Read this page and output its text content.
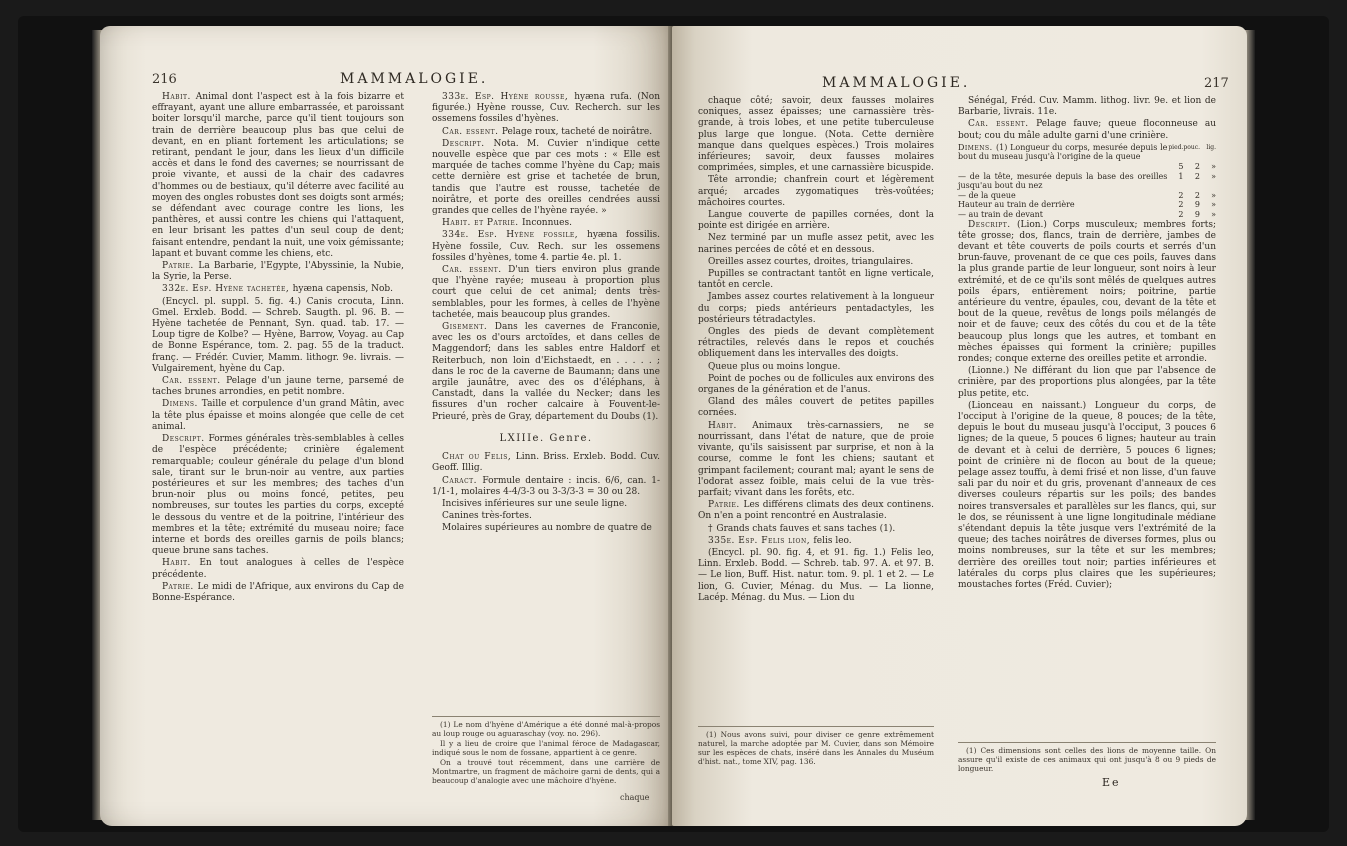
216	MAMMALOGIE.

Habit. Animal dont l'aspect est à la fois bizarre et effrayant, ayant une allure embarrassée, et paroissant boiter lorsqu'il marche, parce qu'il tient toujours son train de derrière beaucoup plus bas que celui de devant, en en pliant fortement les articulations; se retirant, pendant le jour, dans les lieux d'un difficile accès et dans le fond des cavernes; se nourrissant de proie vivante, et aussi de la chair des cadavres d'hommes ou de bestiaux, qu'il déterre avec facilité au moyen des ongles robustes dont ses doigts sont armés; se défendant avec courage contre les lions, les panthères, et aussi contre les chiens qui l'attaquent, en leur brisant les pattes d'un seul coup de dent; faisant entendre, pendant la nuit, une voix gémissante; lapant et buvant comme les chiens, etc.

Patrie. La Barbarie, l'Egypte, l'Abyssinie, la Nubie, la Syrie, la Perse.

332e. Esp. Hyène tachetée, hyæna capensis, Nob.

(Encycl. pl. suppl. 5. fig. 4.) Canis crocuta, Linn. Gmel. Erxleb. Bodd. — Schreb. Saugth. pl. 96. B. — Hyène tachetée de Pennant, Syn. quad. tab. 17. — Loup tigre de Kolbe? — Hyène, Barrow, Voyag. au Cap de Bonne Espérance, tom. 2. pag. 55 de la traduct. franç. — Frédér. Cuvier, Mamm. lithogr. 9e. livrais. — Vulgairement, hyène du Cap.

Car. essent. Pelage d'un jaune terne, parsemé de taches brunes arrondies, en petit nombre.

Dimens. Taille et corpulence d'un grand Mâtin, avec la tête plus épaisse et moins alongée que celle de cet animal.

Descript. Formes générales très-semblables à celles de l'espèce précédente; crinière également remarquable; couleur générale du pelage d'un blond sale, tirant sur le brun-noir au ventre, aux parties postérieures et sur les membres; des taches d'un brun-noir plus ou moins foncé, petites, peu nombreuses, sur toutes les parties du corps, excepté le dessous du ventre et de la poitrine, l'intérieur des membres et la tête; extrémité du museau noire; face interne et bords des oreilles garnis de poils blancs; queue brune sans taches.

Habit. En tout analogues à celles de l'espèce précédente.

Patrie. Le midi de l'Afrique, aux environs du Cap de Bonne-Espérance.

333e. Esp. Hyène rousse, hyæna rufa. (Non figurée.) Hyène rousse, Cuv. Recherch. sur les ossemens fossiles d'hyènes.

Car. essent. Pelage roux, tacheté de noirâtre.

Descript. Nota. M. Cuvier n'indique cette nouvelle espèce que par ces mots : « Elle est marquée de taches comme l'hyène du Cap; mais cette dernière est grise et tachetée de brun, tandis que l'autre est rousse, tachetée de noirâtre, et porte des oreilles cendrées aussi grandes que celles de l'hyène rayée. »

Habit. et Patrie. Inconnues.

334e. Esp. Hyène fossile, hyæna fossilis. Hyène fossile, Cuv. Rech. sur les ossemens fossiles d'hyènes, tome 4. partie 4e. pl. 1.

Car. essent. D'un tiers environ plus grande que l'hyène rayée; museau à proportion plus court que celui de cet animal; dents très-semblables, pour les formes, à celles de l'hyène tachetée, mais beaucoup plus grandes.

Gisement. Dans les cavernes de Franconie, avec les os d'ours arctoïdes, et dans celles de Maggendorf; dans les sables entre Haldorf et Reiterbuch, non loin d'Eichstaedt, en . . . . . ; dans le roc de la caverne de Baumann; dans une argile jaunâtre, avec des os d'éléphans, à Canstadt, dans la vallée du Necker; dans les fissures d'un rocher calcaire à Fouvent-le-Prieuré, près de Gray, département du Doubs (1).

LXIIIe. Genre.

Chat ou Felis, Linn. Briss. Erxleb. Bodd. Cuv. Geoff. Illig.

Caract. Formule dentaire : incis. 6/6, can. 1-1/1-1, molaires 4-4/3-3 ou 3-3/3-3 = 30 ou 28.

Incisives inférieures sur une seule ligne.

Canines très-fortes.

Molaires supérieures au nombre de quatre de

(1) Le nom d'hyène d'Amérique a été donné mal-à-propos au loup rouge ou aguaraschay (voy. no. 296).

Il y a lieu de croire que l'animal féroce de Madagascar, indiqué sous le nom de fossane, appartient à ce genre.

On a trouvé tout récemment, dans une carrière de Montmartre, un fragment de mâchoire garni de dents, qui a beaucoup d'analogie avec une mâchoire d'hyène.

chaque
MAMMALOGIE.	217

chaque côté; savoir, deux fausses molaires coniques, assez épaisses; une carnassière très-grande, à trois lobes, et une petite tuberculeuse plus large que longue. (Nota. Cette dernière manque dans quelques espèces.) Trois molaires inférieures; savoir, deux fausses molaires comprimées, simples, et une carnassière bicuspide.

Tête arrondie; chanfrein court et légèrement arqué; arcades zygomatiques très-voûtées; mâchoires courtes.

Langue couverte de papilles cornées, dont la pointe est dirigée en arrière.

Nez terminé par un mufle assez petit, avec les narines percées de côté et en dessous.

Oreilles assez courtes, droites, triangulaires.

Pupilles se contractant tantôt en ligne verticale, tantôt en cercle.

Jambes assez courtes relativement à la longueur du corps; pieds antérieurs pentadactyles, les postérieurs tétradactyles.

Ongles des pieds de devant complètement rétractiles, relevés dans le repos et couchés obliquement dans les intervalles des doigts.

Queue plus ou moins longue.

Point de poches ou de follicules aux environs des organes de la génération et de l'anus.

Gland des mâles couvert de petites papilles cornées.

Habit. Animaux très-carnassiers, ne se nourrissant, dans l'état de nature, que de proie vivante, qu'ils saisissent par surprise, et non à la course, comme le font les chiens; sautant et grimpant facilement; courant mal; ayant le sens de l'odorat assez foible, mais celui de la vue très-parfait; vivant dans les forêts, etc.

Patrie. Les différens climats des deux continens. On n'en a point rencontré en Australasie.

† Grands chats fauves et sans taches (1).

335e. Esp. Felis lion, felis leo.

(Encycl. pl. 90. fig. 4, et 91. fig. 1.) Felis leo, Linn. Erxleb. Bodd. — Schreb. tab. 97. A. et 97. B. — Le lion, Buff. Hist. natur. tom. 9. pl. 1 et 2. — Le lion, G. Cuvier, Ménag. du Mus. — La lionne, Lacép. Ménag. du Mus. — Lion du

(1) Nous avons suivi, pour diviser ce genre extrêmement naturel, la marche adoptée par M. Cuvier, dans son Mémoire sur les espèces de chats, inséré dans les Annales du Muséum d'hist. nat., tome XIV, pag. 136.

Sénégal, Fréd. Cuv. Mamm. lithog. livr. 9e. et lion de Barbarie, livrais. 11e.

Car. essent. Pelage fauve; queue floconneuse au bout; cou du mâle adulte garni d'une crinière.

Dimens. (1) Longueur du corps, mesurée depuis le bout du museau jusqu'à l'origine de la queue	pied.	pouc.	lig.
	5	2	»
— de la tête, mesurée depuis la base des oreilles jusqu'au bout du nez	1	2	»
— de la queue	2	2	»
Hauteur au train de derrière	2	9	»
— au train de devant	2	9	»

Descript. (Lion.) Corps musculeux; membres forts; tête grosse; dos, flancs, train de derrière, jambes de devant et tête couverts de poils courts et serrés d'un brun-fauve, provenant de ce que ces poils, fauves dans la plus grande partie de leur longueur, sont noirs à leur extrémité, et de ce qu'ils sont mêlés de quelques autres poils épars, entièrement noirs; poitrine, partie antérieure du ventre, épaules, cou, devant de la tête et bout de la queue, revêtus de longs poils mélangés de noir et de fauve; ceux des côtés du cou et de la tête beaucoup plus longs que les autres, et tombant en mèches épaisses qui forment la crinière; pupilles rondes; conque externe des oreilles petite et arrondie.

(Lionne.) Ne différant du lion que par l'absence de crinière, par des proportions plus alongées, par la tête plus petite, etc.

(Lionceau en naissant.) Longueur du corps, de l'occiput à l'origine de la queue, 8 pouces; de la tête, depuis le bout du museau jusqu'à l'occiput, 3 pouces 6 lignes; de la queue, 5 pouces 6 lignes; hauteur au train de devant et à celui de derrière, 5 pouces 6 lignes; point de crinière ni de flocon au bout de la queue; pelage assez touffu, à demi frisé et non lisse, d'un fauve sali par du noir et du gris, provenant d'anneaux de ces diverses couleurs répartis sur les poils; des bandes noires transversales et parallèles sur les flancs, qui, sur le dos, se réunissent à une ligne longitudinale médiane s'étendant depuis la tête jusque vers l'extrémité de la queue; des taches noirâtres de diverses formes, plus ou moins nombreuses, sur la tête et sur les membres; derrière des oreilles tout noir; parties inférieures et latérales du corps plus claires que les supérieures; moustaches fortes (Fréd. Cuvier);

(1) Ces dimensions sont celles des lions de moyenne taille. On assure qu'il existe de ces animaux qui ont jusqu'à 8 ou 9 pieds de longueur.

Ee
